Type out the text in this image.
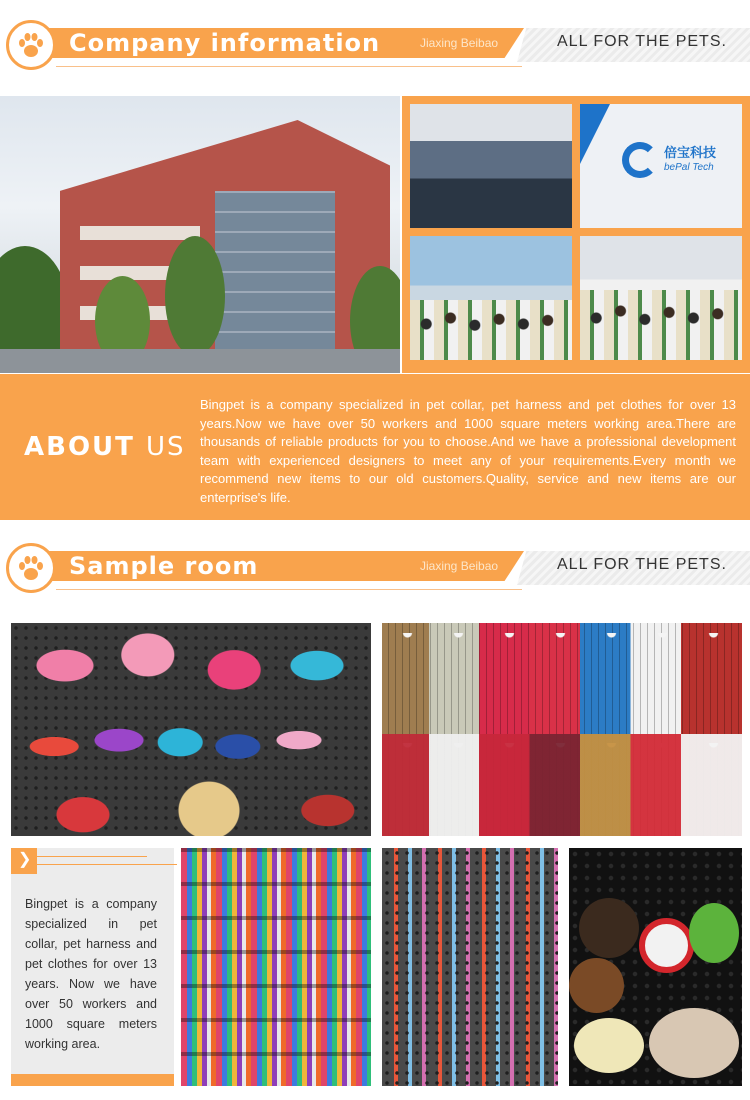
Company information	Jiaxing Beibao	ALL FOR THE PETS.
倍宝科技
bePal Tech
ABOUT US
Bingpet is a company specialized in pet collar, pet harness and pet clothes for over 13 years.Now we have over 50 workers and 1000 square meters working area.There are thousands of reliable products for you to choose.And we have a professional development team with experienced designers to meet any of your requirements.Every month we recommend new items to our old customers.Quality, service and new items are our enterprise's life.
Sample room	Jiaxing Beibao	ALL FOR THE PETS.
❯
Bingpet is a company specialized in pet collar, pet harness and pet clothes for over 13 years. Now we have over 50 workers and 1000 square meters working area.
